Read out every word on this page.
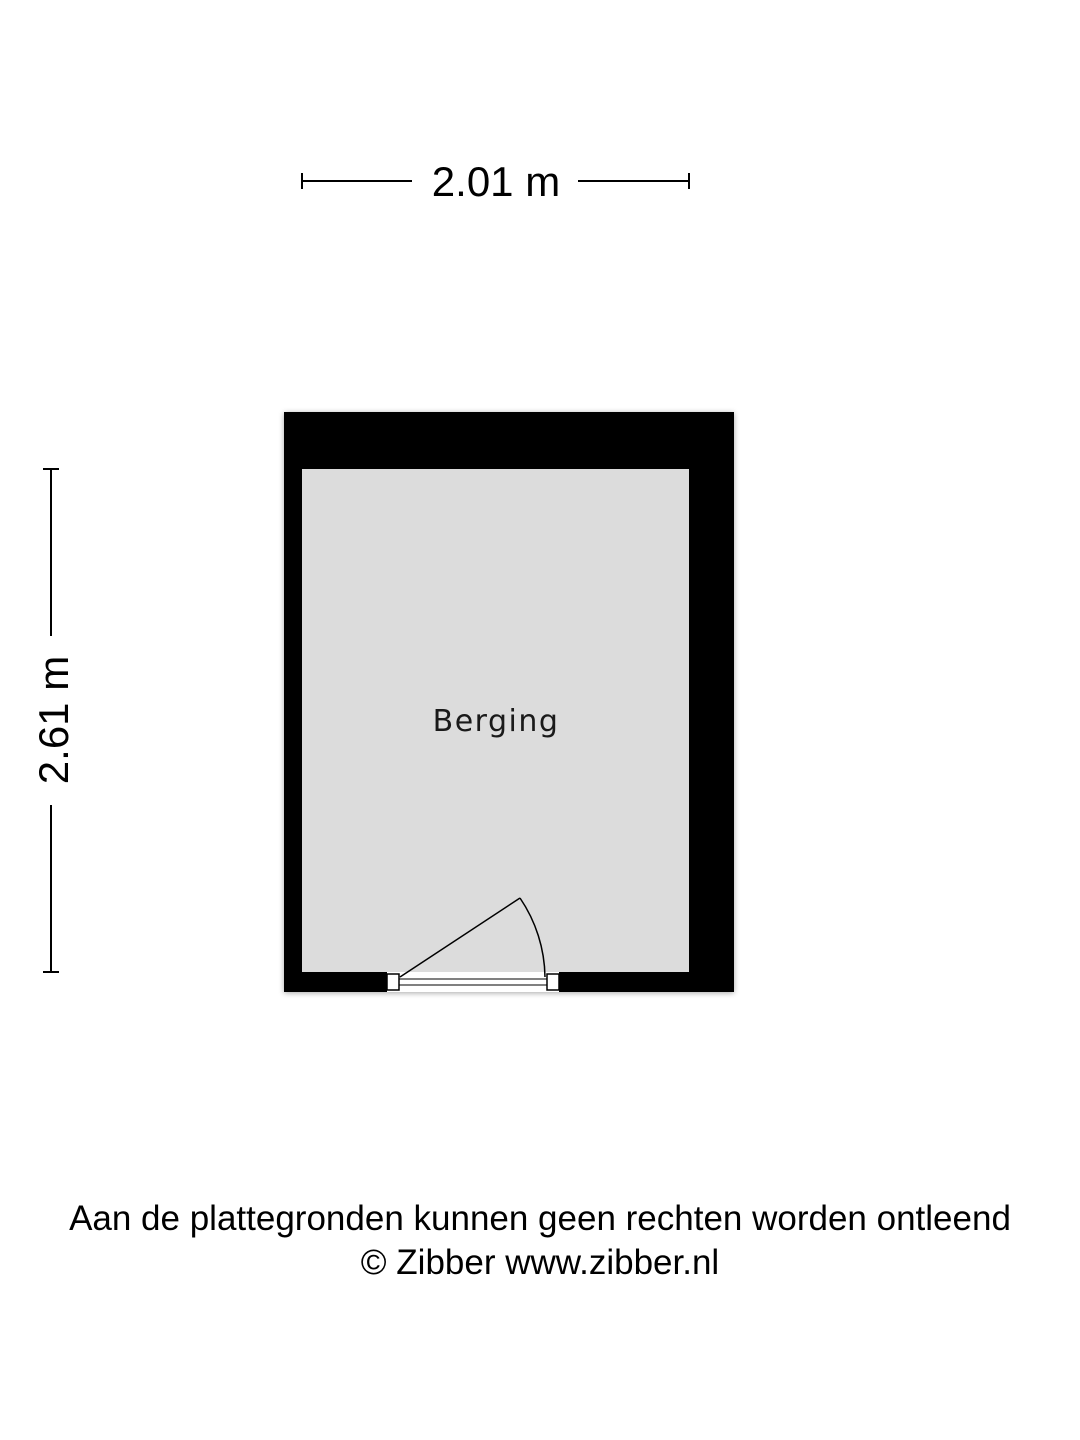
2.01 m
2.61 m	Berging
Aan de plattegronden kunnen geen rechten worden ontleend
© Zibber www.zibber.nl
